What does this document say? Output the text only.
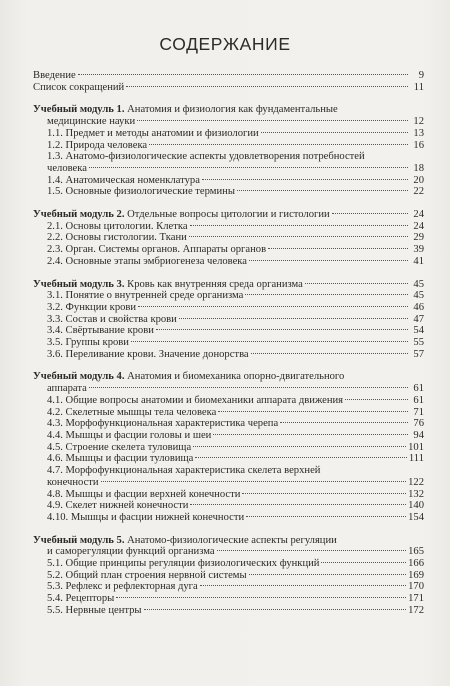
СОДЕРЖАНИЕ
Введение	9
Список сокращений	11
Учебный модуль 1. Анатомия и физиология как фундаментальные
медицинские науки	12
1.1. Предмет и методы анатомии и физиологии	13
1.2. Природа человека	16
1.3. Анатомо-физиологические аспекты удовлетворения потребностей
человека	18
1.4. Анатомическая номенклатура	20
1.5. Основные физиологические термины	22
Учебный модуль 2. Отдельные вопросы цитологии и гистологии	24
2.1. Основы цитологии. Клетка	24
2.2. Основы гистологии. Ткани	29
2.3. Орган. Системы органов. Аппараты органов	39
2.4. Основные этапы эмбриогенеза человека	41
Учебный модуль 3. Кровь как внутренняя среда организма	45
3.1. Понятие о внутренней среде организма	45
3.2. Функции крови	46
3.3. Состав и свойства крови	47
3.4. Свёртывание крови	54
3.5. Группы крови	55
3.6. Переливание крови. Значение донорства	57
Учебный модуль 4. Анатомия и биомеханика опорно-двигательного
аппарата	61
4.1. Общие вопросы анатомии и биомеханики аппарата движения	61
4.2. Скелетные мышцы тела человека	71
4.3. Морфофункциональная характеристика черепа	76
4.4. Мышцы и фасции головы и шеи	94
4.5. Строение скелета туловища	101
4.6. Мышцы и фасции туловища	111
4.7. Морфофункциональная характеристика скелета верхней
конечности	122
4.8. Мышцы и фасции верхней конечности	132
4.9. Скелет нижней конечности	140
4.10. Мышцы и фасции нижней конечности	154
Учебный модуль 5. Анатомо-физиологические аспекты регуляции
и саморегуляции функций организма	165
5.1. Общие принципы регуляции физиологических функций	166
5.2. Общий план строения нервной системы	169
5.3. Рефлекс и рефлекторная дуга	170
5.4. Рецепторы	171
5.5. Нервные центры	172
